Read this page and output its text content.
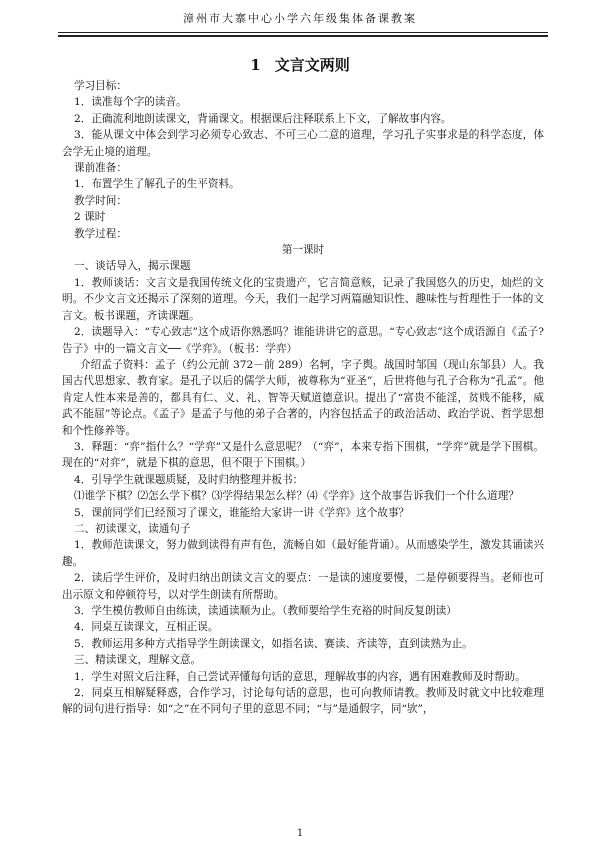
漳州市大寨中心小学六年级集体备课教案
1 文言文两则

学习目标：

1．读准每个字的读音。

2．正确流利地朗读课文，背诵课文。根据课后注释联系上下文，了解故事内容。

3．能从课文中体会到学习必须专心致志、不可三心二意的道理，学习孔子实事求是的科学态度，体会学无止境的道理。

课前准备：

1．布置学生了解孔子的生平资料。

教学时间：

2 课时

教学过程：

第一课时

一、谈话导入，揭示课题

1．教师谈话：文言文是我国传统文化的宝贵遗产，它言简意赅，记录了我国悠久的历史，灿烂的文明。不少文言文还揭示了深刻的道理。今天，我们一起学习两篇融知识性、趣味性与哲理性于一体的文言文。板书课题，齐读课题。

2．读题导入：“专心致志”这个成语你熟悉吗？谁能讲讲它的意思。“专心致志”这个成语源自《孟子?告子》中的一篇文言文──《学弈》。（板书：学弈）

介绍孟子资料：孟子（约公元前 372－前 289）名轲，字子舆。战国时邹国（现山东邹县）人。我国古代思想家、教育家。是孔子以后的儒学大师，被尊称为“亚圣”，后世将他与孔子合称为“孔孟”。他肯定人性本来是善的，都具有仁、义、礼、智等天赋道德意识。提出了“富贵不能淫，贫贱不能移，威武不能屈”等论点。《孟子》是孟子与他的弟子合著的，内容包括孟子的政治活动、政治学说、哲学思想和个性修养等。

3．释题：“弈”指什么？“学弈”又是什么意思呢？（“弈”，本来专指下围棋，“学弈”就是学下围棋。现在的“对弈”，就是下棋的意思，但不限于下围棋。）

4．引导学生就课题质疑，及时归纳整理并板书：

⑴谁学下棋？⑵怎么学下棋？⑶学得结果怎么样？⑷《学弈》这个故事告诉我们一个什么道理？

5．课前同学们已经预习了课文，谁能给大家讲一讲《学弈》这个故事？

二、初读课文，读通句子

1．教师范读课文，努力做到读得有声有色，流畅自如（最好能背诵）。从而感染学生，激发其诵读兴趣。

2．读后学生评价，及时归纳出朗读文言文的要点：一是读的速度要慢，二是停顿要得当。老师也可出示原文和停顿符号，以对学生朗读有所帮助。

3．学生模仿教师自由练读，读通读顺为止。（教师要给学生充裕的时间反复朗读）

4．同桌互读课文，互相正误。

5．教师运用多种方式指导学生朗读课文，如指名读、赛读、齐读等，直到读熟为止。

三、精读课文，理解文意。

1．学生对照文后注释，自己尝试弄懂每句话的意思，理解故事的内容，遇有困难教师及时帮助。

2．同桌互相解疑释惑，合作学习，讨论每句话的意思，也可向教师请教。教师及时就文中比较难理解的词句进行指导：如“之”在不同句子里的意思不同；“与”是通假字，同“欤”，

1
